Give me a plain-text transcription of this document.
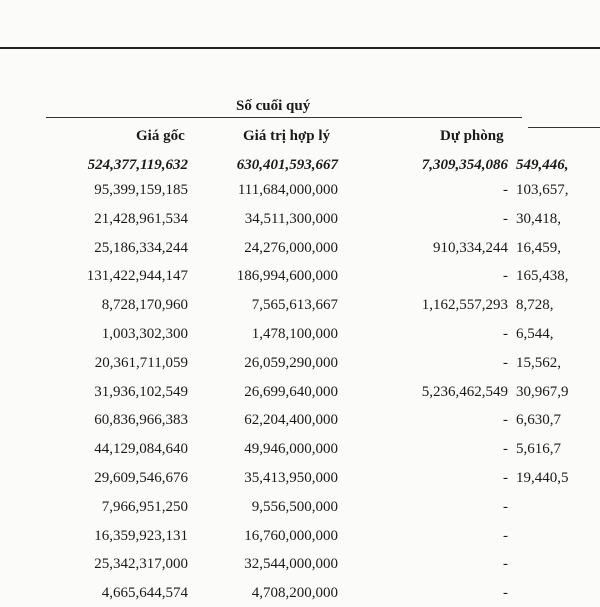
Số cuối quý
Giá gốc	Giá trị hợp lý	Dự phòng
524,377,119,632	630,401,593,667	7,309,354,086 549,446,
95,399,159,185	111,684,000,000	- 103,657,
21,428,961,534	34,511,300,000	- 30,418,
25,186,334,244	24,276,000,000	910,334,244 16,459,
131,422,944,147	186,994,600,000	- 165,438,
8,728,170,960	7,565,613,667	1,162,557,293 8,728,
1,003,302,300	1,478,100,000	- 6,544,
20,361,711,059	26,059,290,000	- 15,562,
31,936,102,549	26,699,640,000	5,236,462,549 30,967,9
60,836,966,383	62,204,400,000	- 6,630,7
44,129,084,640	49,946,000,000	- 5,616,7
29,609,546,676	35,413,950,000	- 19,440,5
7,966,951,250	9,556,500,000	-
16,359,923,131	16,760,000,000	-
25,342,317,000	32,544,000,000	-
4,665,644,574	4,708,200,000	-
